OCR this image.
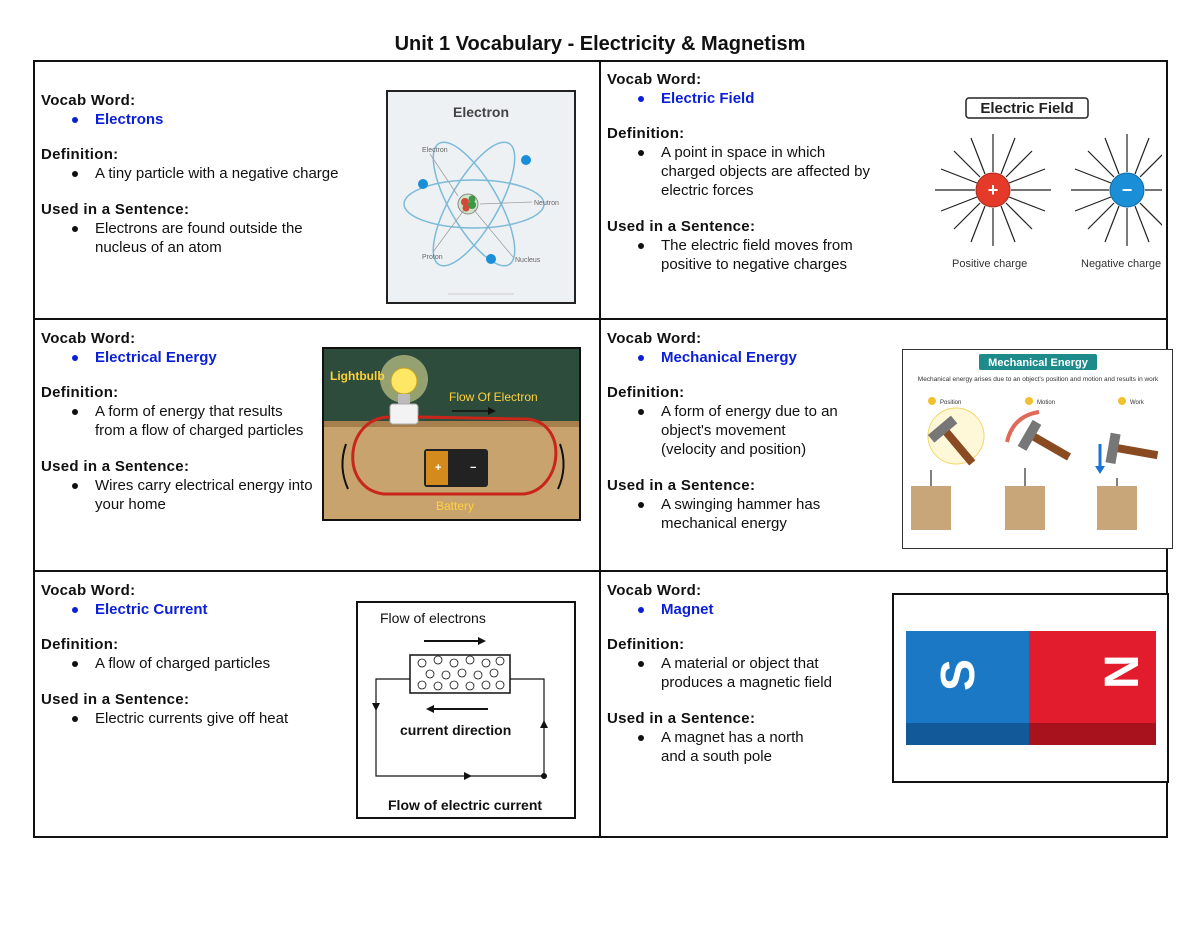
Unit 1 Vocabulary - Electricity & Magnetism
Vocab Word:
Electrons
Definition:
A tiny particle with a negative charge
Used in a Sentence:
Electrons are found outside the nucleus of an atom
Electron
Electron
Neutron
Proton	Nucleus
Vocab Word:
Electric Field
Definition:
A point in space in which charged objects are affected by electric forces
Used in a Sentence:
The electric field moves from positive to negative charges
Electric Field
+	−
Positive charge	Negative charge
Vocab Word:
Electrical Energy
Definition:
A form of energy that results from a flow of charged particles
Used in a Sentence:
Wires carry electrical energy into your home
+	−
Lightbulb
Flow Of Electron
Battery
Vocab Word:
Mechanical Energy
Definition:
A form of energy due to an object's movement (velocity and position)
Used in a Sentence:
A swinging hammer has mechanical energy
Mechanical Energy
Mechanical energy arises due to an object's position and motion and results in work
Position	Motion	Work
Vocab Word:
Electric Current
Definition:
A flow of charged particles
Used in a Sentence:
Electric currents give off heat
Flow of electrons
current direction
Flow of electric current
Vocab Word:
Magnet
Definition:
A material or object that produces a magnetic field
Used in a Sentence:
A magnet has a north and a south pole
S N
